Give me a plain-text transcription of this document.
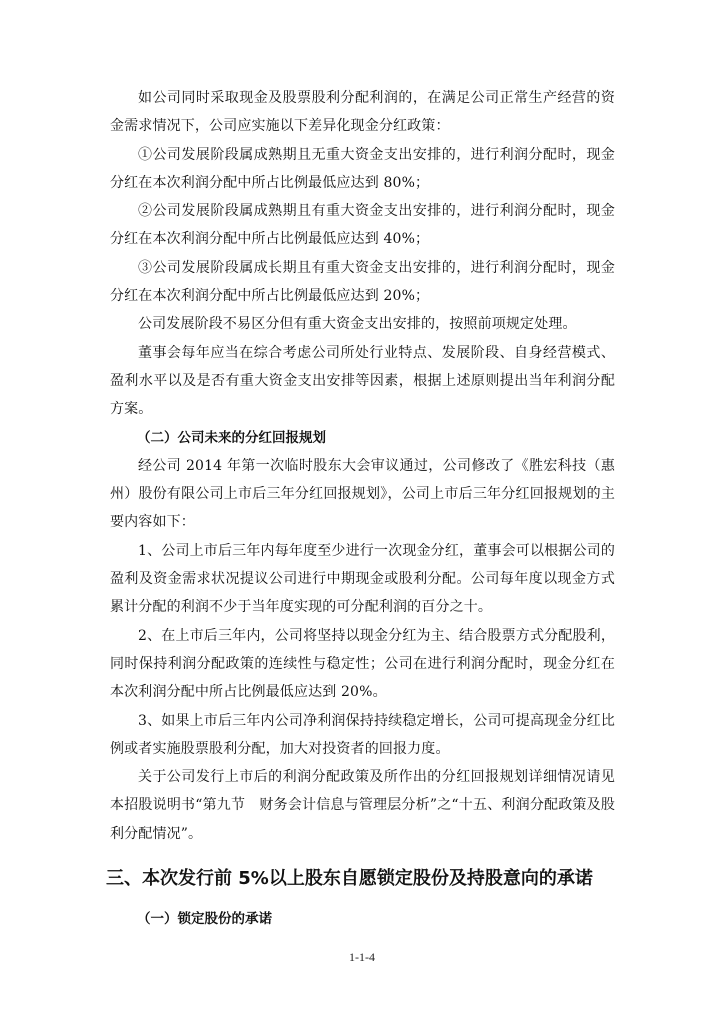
如公司同时采取现金及股票股利分配利润的，在满足公司正常生产经营的资金需求情况下，公司应实施以下差异化现金分红政策：

①公司发展阶段属成熟期且无重大资金支出安排的，进行利润分配时，现金分红在本次利润分配中所占比例最低应达到 80%；

②公司发展阶段属成熟期且有重大资金支出安排的，进行利润分配时，现金分红在本次利润分配中所占比例最低应达到 40%；

③公司发展阶段属成长期且有重大资金支出安排的，进行利润分配时，现金分红在本次利润分配中所占比例最低应达到 20%；

公司发展阶段不易区分但有重大资金支出安排的，按照前项规定处理。

董事会每年应当在综合考虑公司所处行业特点、发展阶段、自身经营模式、盈利水平以及是否有重大资金支出安排等因素，根据上述原则提出当年利润分配方案。

（二）公司未来的分红回报规划

经公司 2014 年第一次临时股东大会审议通过，公司修改了《胜宏科技（惠州）股份有限公司上市后三年分红回报规划》，公司上市后三年分红回报规划的主要内容如下：

1、公司上市后三年内每年度至少进行一次现金分红，董事会可以根据公司的盈利及资金需求状况提议公司进行中期现金或股利分配。公司每年度以现金方式累计分配的利润不少于当年度实现的可分配利润的百分之十。

2、在上市后三年内，公司将坚持以现金分红为主、结合股票方式分配股利，同时保持利润分配政策的连续性与稳定性；公司在进行利润分配时，现金分红在本次利润分配中所占比例最低应达到 20%。

3、如果上市后三年内公司净利润保持持续稳定增长，公司可提高现金分红比例或者实施股票股利分配，加大对投资者的回报力度。

关于公司发行上市后的利润分配政策及所作出的分红回报规划详细情况请见本招股说明书“第九节　财务会计信息与管理层分析”之“十五、利润分配政策及股利分配情况”。

三、本次发行前 5%以上股东自愿锁定股份及持股意向的承诺
（一）锁定股份的承诺
1-1-4
